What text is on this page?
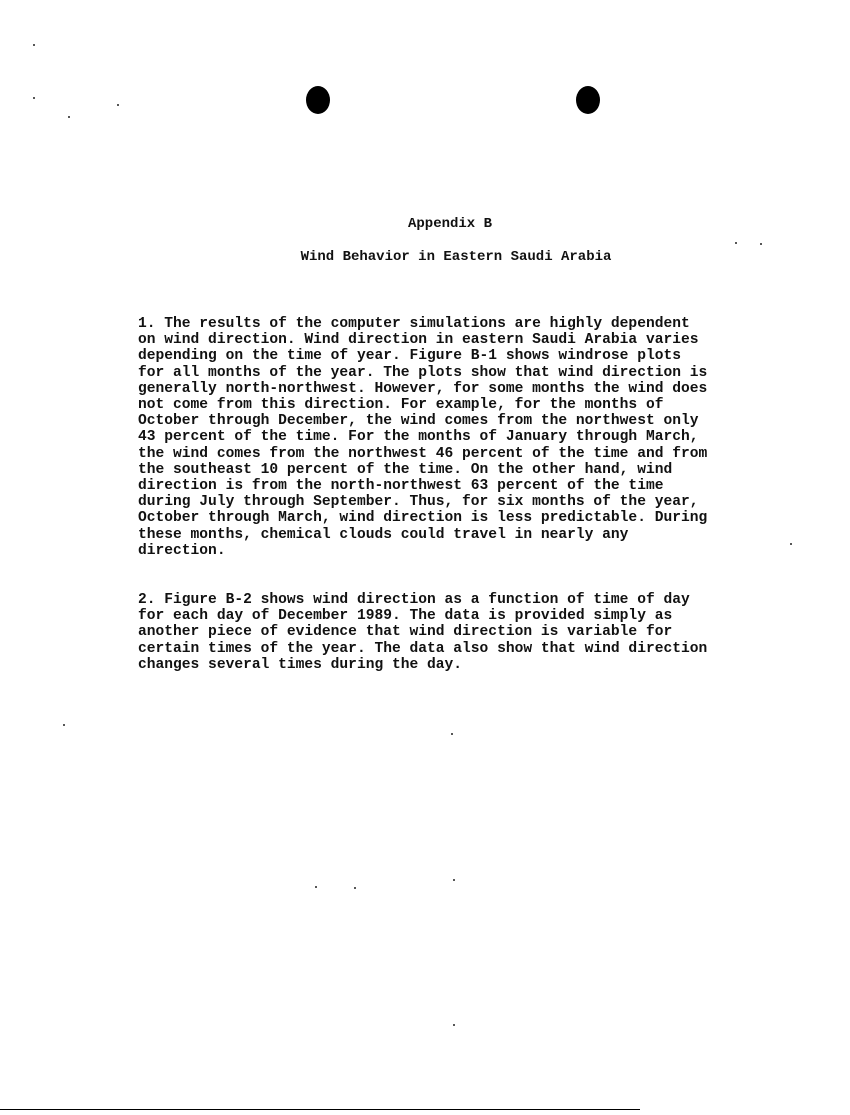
Appendix B
Wind Behavior in Eastern Saudi Arabia
1. The results of the computer simulations are highly dependent
on wind direction. Wind direction in eastern Saudi Arabia varies
depending on the time of year. Figure B-1 shows windrose plots
for all months of the year. The plots show that wind direction is
generally north-northwest. However, for some months the wind does
not come from this direction. For example, for the months of
October through December, the wind comes from the northwest only
43 percent of the time. For the months of January through March,
the wind comes from the northwest 46 percent of the time and from
the southeast 10 percent of the time. On the other hand, wind
direction is from the north-northwest 63 percent of the time
during July through September. Thus, for six months of the year,
October through March, wind direction is less predictable. During
these months, chemical clouds could travel in nearly any
direction.
2. Figure B-2 shows wind direction as a function of time of day
for each day of December 1989. The data is provided simply as
another piece of evidence that wind direction is variable for
certain times of the year. The data also show that wind direction
changes several times during the day.
